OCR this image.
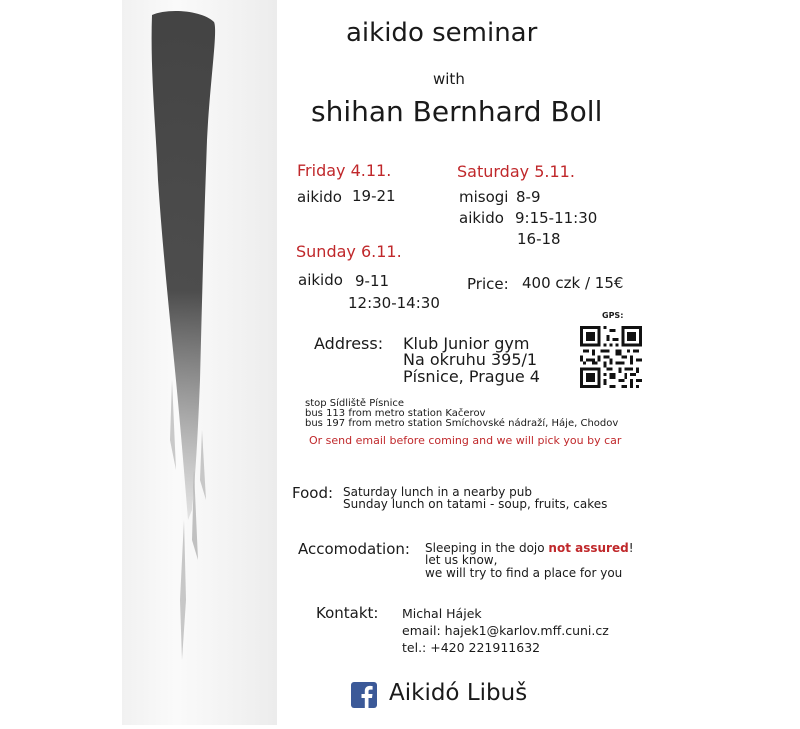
aikido seminar
with
shihan Bernhard Boll
Friday 4.11.
aikido 19-21
Saturday 5.11.
misogi 8-9
aikido 9:15-11:30
16-18
Sunday 6.11.
aikido 9-11
12:30-14:30
Price: 400 czk / 15€
Address: Klub Junior gym
Na okruhu 395/1
Písnice, Prague 4
GPS:
stop Sídliště Písnice
bus 113 from metro station Kačerov
bus 197 from metro station Smíchovské nádraží, Háje, Chodov
Or send email before coming and we will pick you by car
Food: Saturday lunch in a nearby pub
Sunday lunch on tatami - soup, fruits, cakes
Accomodation: Sleeping in the dojo not assured!
let us know,
we will try to find a place for you
Kontakt: Michal Hájek
email: hajek1@karlov.mff.cuni.cz
tel.: +420 221911632
Aikidó Libuš
